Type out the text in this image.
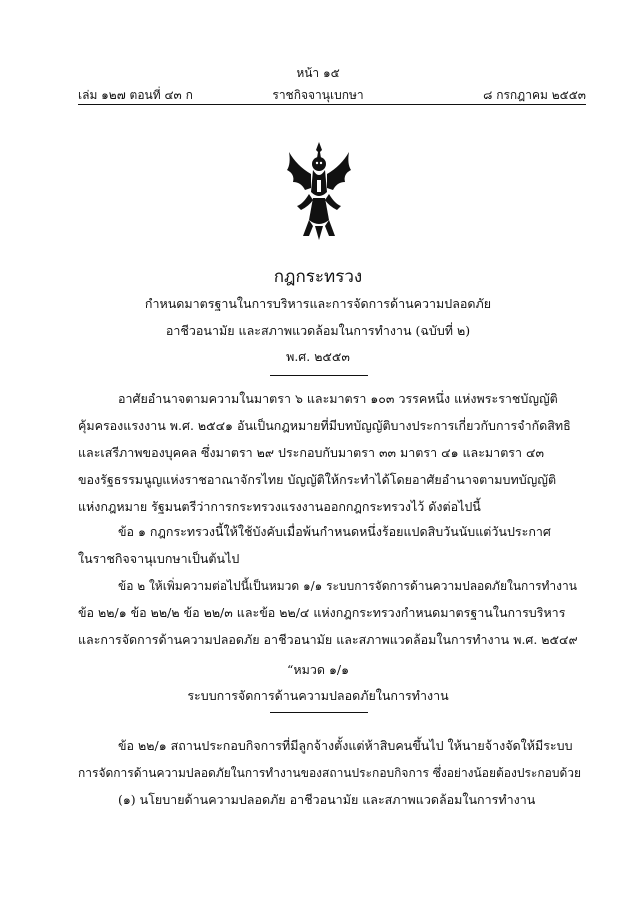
หน้า ๑๕
เล่ม ๑๒๗ ตอนที่ ๔๓ ก	ราชกิจจานุเบกษา	๘ กรกฎาคม ๒๕๕๓
กฎกระทรวง
กำหนดมาตรฐานในการบริหารและการจัดการด้านความปลอดภัย
อาชีวอนามัย และสภาพแวดล้อมในการทำงาน (ฉบับที่ ๒)
พ.ศ. ๒๕๕๓
อาศัยอำนาจตามความในมาตรา ๖ และมาตรา ๑๐๓ วรรคหนึ่ง แห่งพระราชบัญญัติ
คุ้มครองแรงงาน พ.ศ. ๒๕๔๑ อันเป็นกฎหมายที่มีบทบัญญัติบางประการเกี่ยวกับการจำกัดสิทธิ
และเสรีภาพของบุคคล ซึ่งมาตรา ๒๙ ประกอบกับมาตรา ๓๓ มาตรา ๔๑ และมาตรา ๔๓
ของรัฐธรรมนูญแห่งราชอาณาจักรไทย บัญญัติให้กระทำได้โดยอาศัยอำนาจตามบทบัญญัติ
แห่งกฎหมาย รัฐมนตรีว่าการกระทรวงแรงงานออกกฎกระทรวงไว้ ดังต่อไปนี้
ข้อ ๑ กฎกระทรวงนี้ให้ใช้บังคับเมื่อพ้นกำหนดหนึ่งร้อยแปดสิบวันนับแต่วันประกาศ
ในราชกิจจานุเบกษาเป็นต้นไป
ข้อ ๒ ให้เพิ่มความต่อไปนี้เป็นหมวด ๑/๑ ระบบการจัดการด้านความปลอดภัยในการทำงาน
ข้อ ๒๒/๑ ข้อ ๒๒/๒ ข้อ ๒๒/๓ และข้อ ๒๒/๔ แห่งกฎกระทรวงกำหนดมาตรฐานในการบริหาร
และการจัดการด้านความปลอดภัย อาชีวอนามัย และสภาพแวดล้อมในการทำงาน พ.ศ. ๒๕๔๙
“หมวด ๑/๑
ระบบการจัดการด้านความปลอดภัยในการทำงาน
ข้อ ๒๒/๑ สถานประกอบกิจการที่มีลูกจ้างตั้งแต่ห้าสิบคนขึ้นไป ให้นายจ้างจัดให้มีระบบ
การจัดการด้านความปลอดภัยในการทำงานของสถานประกอบกิจการ ซึ่งอย่างน้อยต้องประกอบด้วย
(๑) นโยบายด้านความปลอดภัย อาชีวอนามัย และสภาพแวดล้อมในการทำงาน
